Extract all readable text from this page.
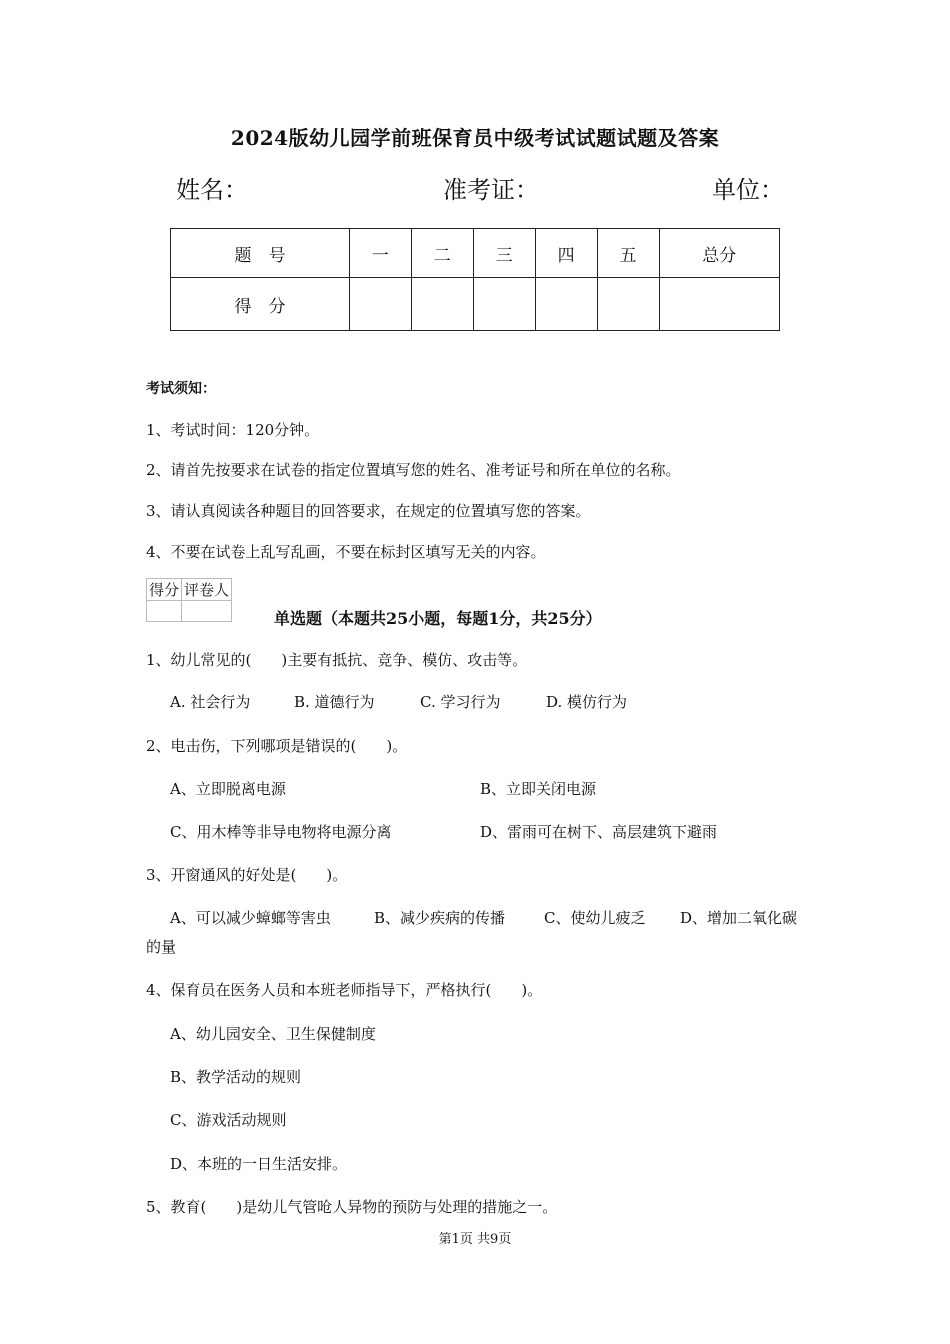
2024版幼儿园学前班保育员中级考试试题试题及答案
姓名：	准考证：	单位：
题　号	一	二	三	四	五	总分
得　分						
考试须知：
1、考试时间：120分钟。
2、请首先按要求在试卷的指定位置填写您的姓名、准考证号和所在单位的名称。
3、请认真阅读各种题目的回答要求，在规定的位置填写您的答案。
4、不要在试卷上乱写乱画，不要在标封区填写无关的内容。
得分	评卷人

单选题（本题共25小题，每题1分，共25分）
1、幼儿常见的(　　)主要有抵抗、竞争、模仿、攻击等。
A. 社会行为	B. 道德行为	C. 学习行为	D. 模仿行为
2、电击伤，下列哪项是错误的(　　)。
A、立即脱离电源	B、立即关闭电源
C、用木棒等非导电物将电源分离	D、雷雨可在树下、高层建筑下避雨
3、开窗通风的好处是(　　)。
A、可以减少蟑螂等害虫	B、减少疾病的传播	C、使幼儿疲乏 D、增加二氧化碳
的量
4、保育员在医务人员和本班老师指导下，严格执行(　　)。
A、幼儿园安全、卫生保健制度
B、教学活动的规则
C、游戏活动规则
D、本班的一日生活安排。
5、教育(　　)是幼儿气管呛人异物的预防与处理的措施之一。
第1页 共9页
